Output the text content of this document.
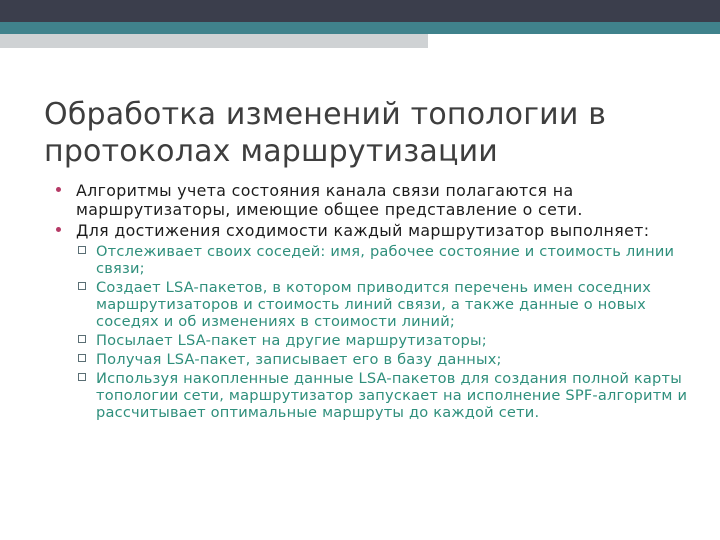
Обработка изменений топологии в протоколах маршрутизации
Алгоритмы учета состояния канала связи полагаются на маршрутизаторы, имеющие общее представление о сети.
Для достижения сходимости каждый маршрутизатор выполняет:
Отслеживает своих соседей: имя, рабочее состояние и стоимость линии связи;
Создает LSA-пакетов, в котором приводится перечень имен соседних маршрутизаторов и стоимость линий связи, а также данные о новых соседях и об изменениях в стоимости линий;
Посылает LSA-пакет на другие маршрутизаторы;
Получая LSA-пакет, записывает его в базу данных;
Используя накопленные данные LSA-пакетов для создания полной карты топологии сети, маршрутизатор запускает на исполнение SPF-алгоритм и рассчитывает оптимальные маршруты до каждой сети.
